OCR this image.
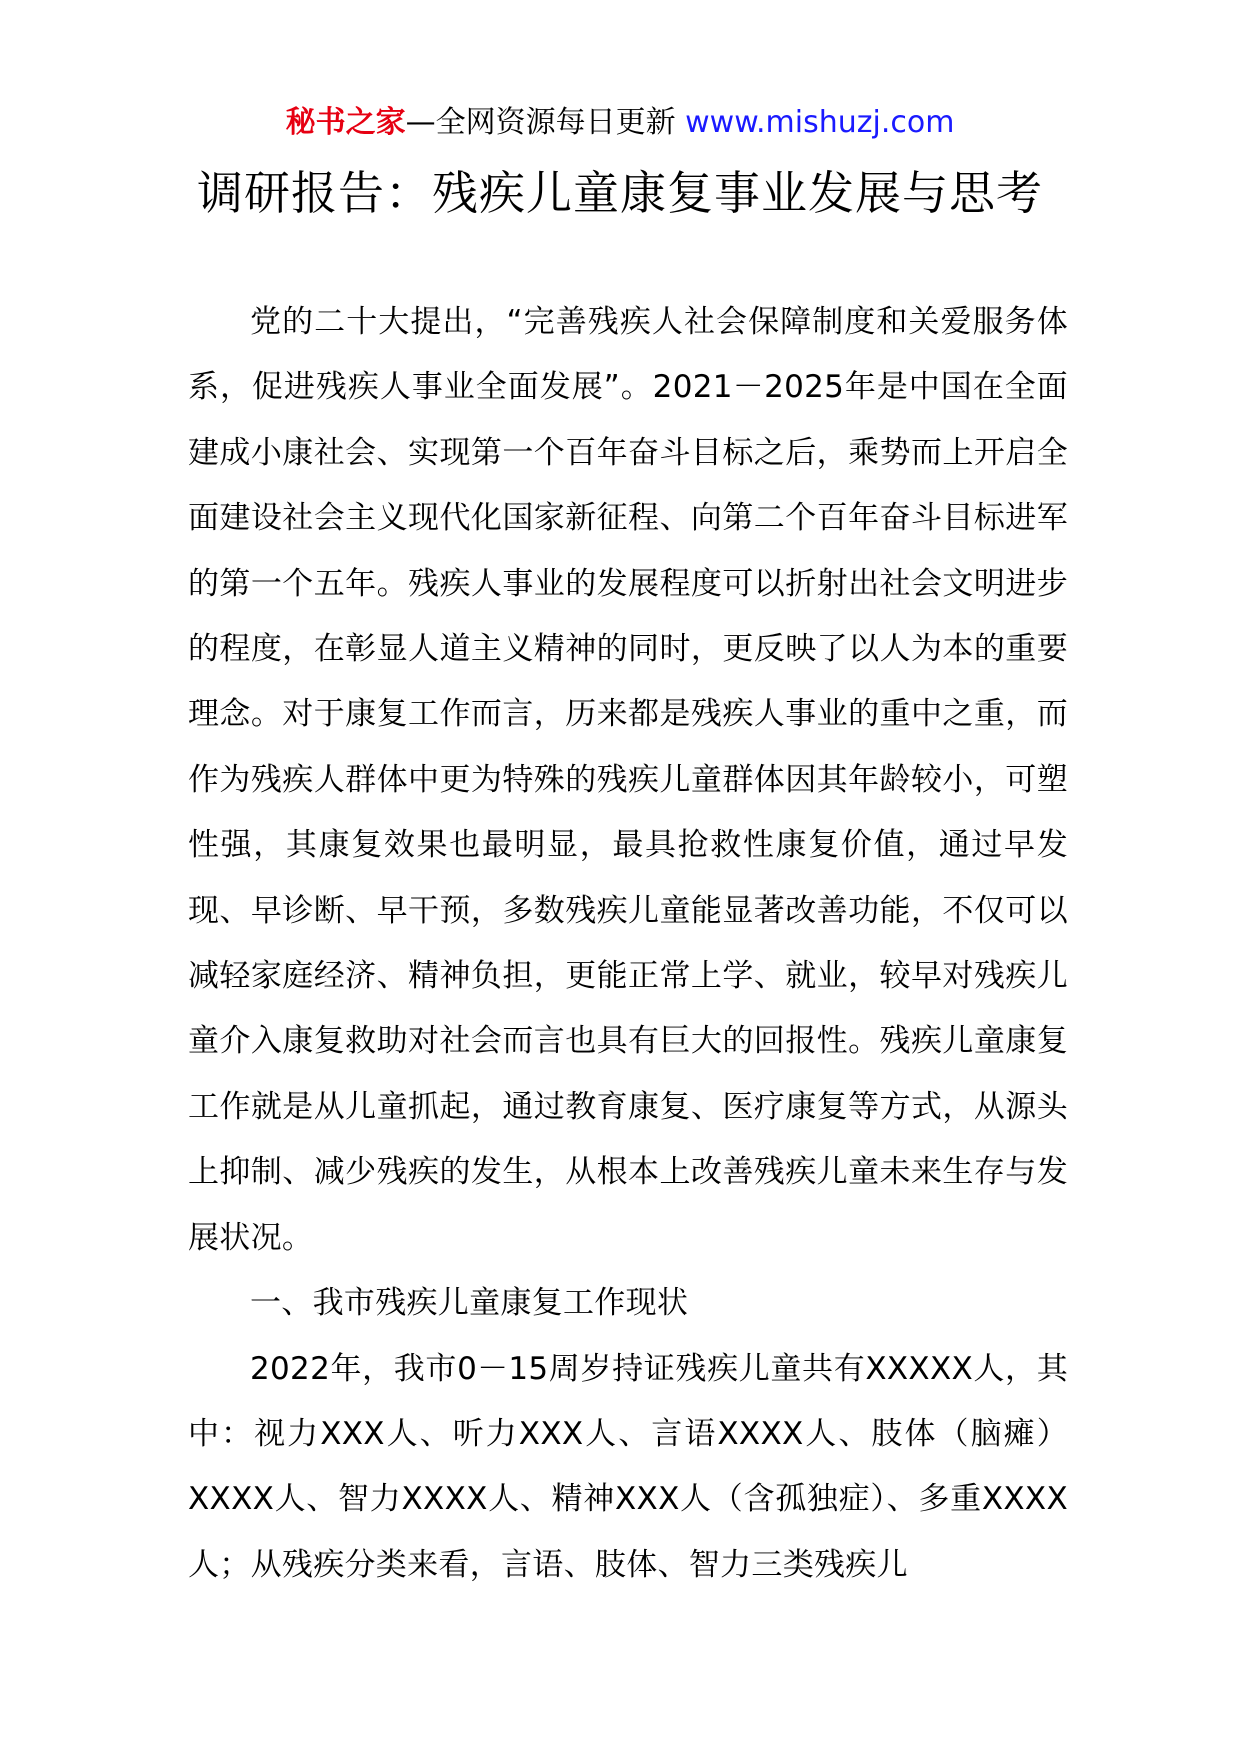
秘书之家—全网资源每日更新 www.mishuzj.com
调研报告：残疾儿童康复事业发展与思考

党的二十大提出，“完善残疾人社会保障制度和关爱服务体系，促进残疾人事业全面发展”。2021－2025年是中国在全面建成小康社会、实现第一个百年奋斗目标之后，乘势而上开启全面建设社会主义现代化国家新征程、向第二个百年奋斗目标进军的第一个五年。残疾人事业的发展程度可以折射出社会文明进步的程度，在彰显人道主义精神的同时，更反映了以人为本的重要理念。对于康复工作而言，历来都是残疾人事业的重中之重，而作为残疾人群体中更为特殊的残疾儿童群体因其年龄较小，可塑性强，其康复效果也最明显，最具抢救性康复价值，通过早发现、早诊断、早干预，多数残疾儿童能显著改善功能，不仅可以减轻家庭经济、精神负担，更能正常上学、就业，较早对残疾儿童介入康复救助对社会而言也具有巨大的回报性。残疾儿童康复工作就是从儿童抓起，通过教育康复、医疗康复等方式，从源头上抑制、减少残疾的发生，从根本上改善残疾儿童未来生存与发展状况。

一、我市残疾儿童康复工作现状

2022年，我市0－15周岁持证残疾儿童共有XXXXX人，其中：视力XXX人、听力XXX人、言语XXXX人、肢体（脑瘫）XXXX人、智力XXXX人、精神XXX人（含孤独症）、多重XXXX人；从残疾分类来看，言语、肢体、智力三类残疾儿
